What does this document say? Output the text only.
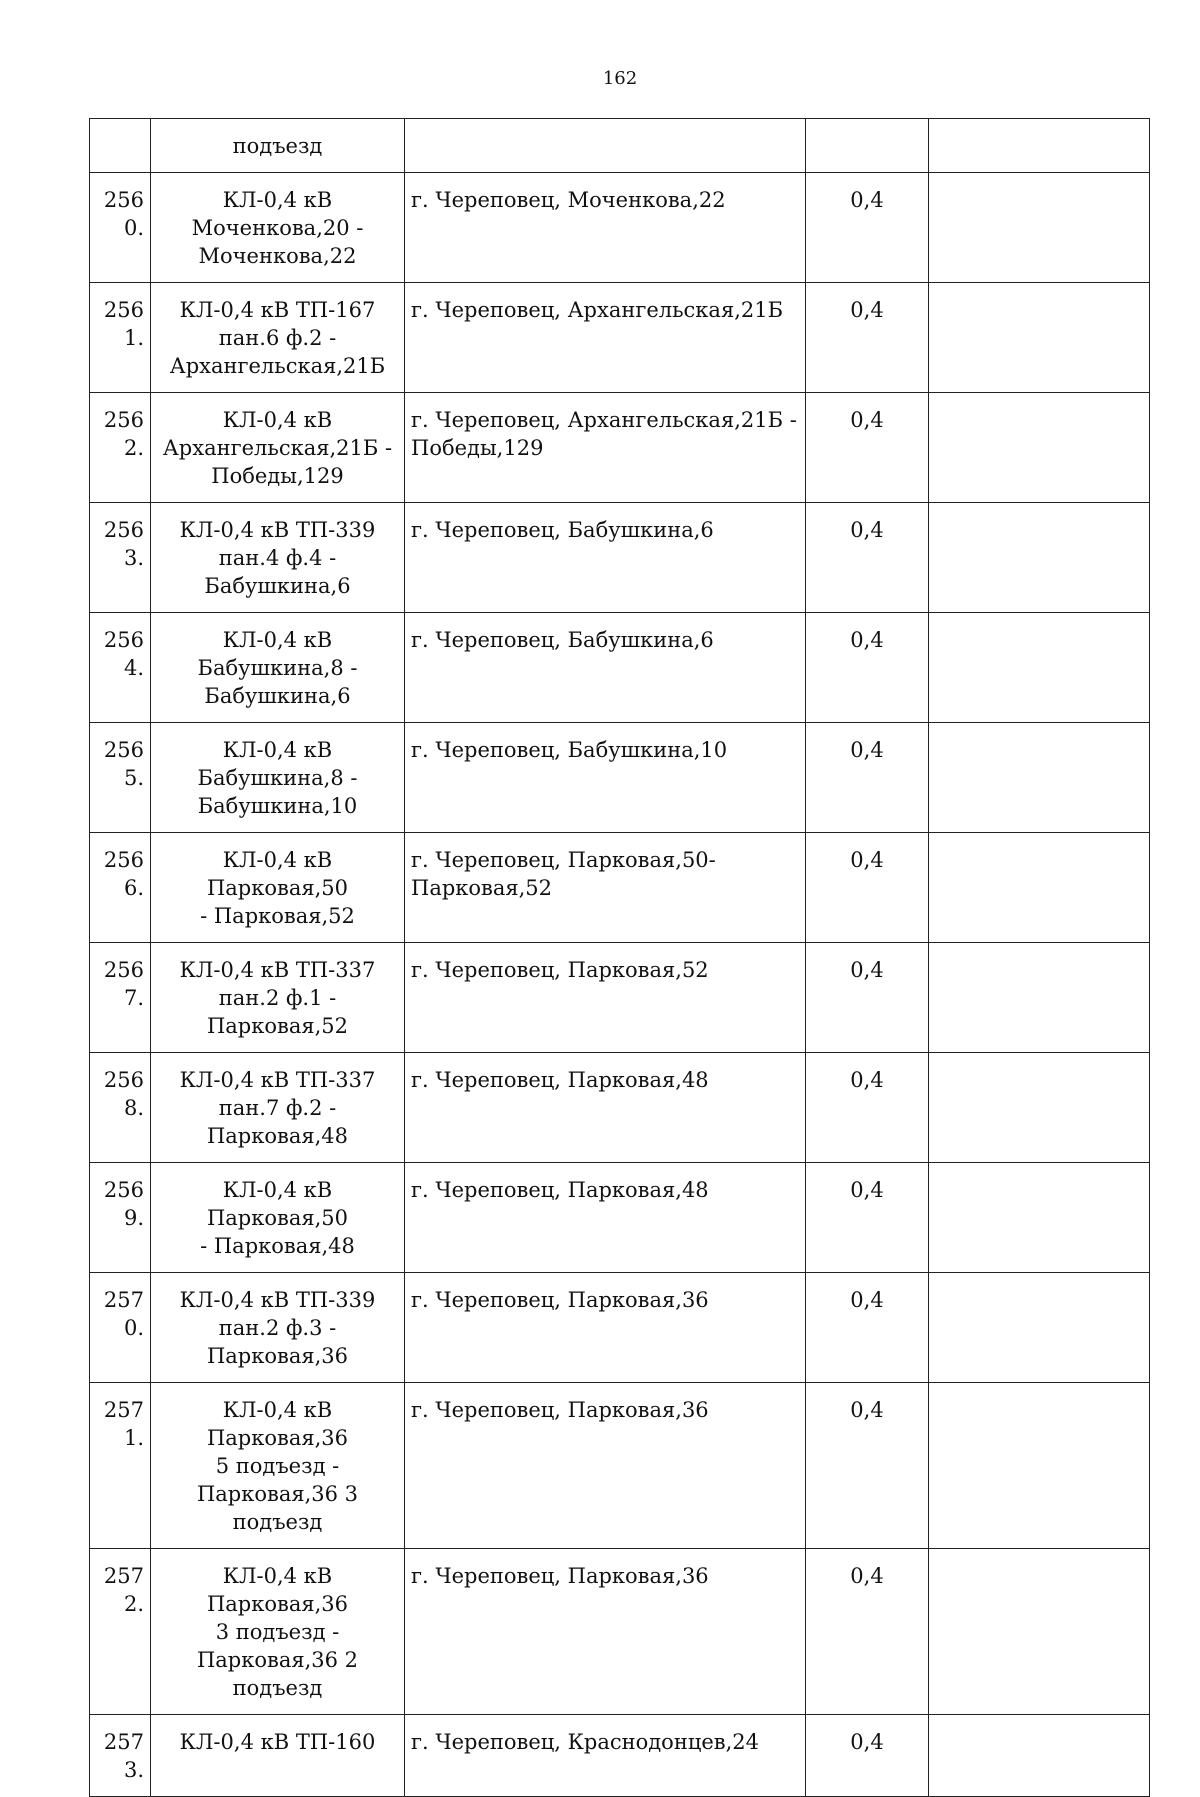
162

	подъезд			

2560.	КЛ-0,4 кВ
Моченкова,20 -
Моченкова,22	г. Череповец, Моченкова,22	0,4	
2561.	КЛ-0,4 кВ ТП-167
пан.6 ф.2 -
Архангельская,21Б	г. Череповец, Архангельская,21Б	0,4	
2562.	КЛ-0,4 кВ
Архангельская,21Б -
Победы,129	г. Череповец, Архангельская,21Б - Победы,129	0,4	
2563.	КЛ-0,4 кВ ТП-339
пан.4 ф.4 -
Бабушкина,6	г. Череповец, Бабушкина,6	0,4	
2564.	КЛ-0,4 кВ
Бабушкина,8 -
Бабушкина,6	г. Череповец, Бабушкина,6	0,4	
2565.	КЛ-0,4 кВ
Бабушкина,8 -
Бабушкина,10	г. Череповец, Бабушкина,10	0,4	
2566.	КЛ-0,4 кВ Парковая,50
- Парковая,52	г. Череповец, Парковая,50- Парковая,52	0,4	
2567.	КЛ-0,4 кВ ТП-337
пан.2 ф.1 -
Парковая,52	г. Череповец, Парковая,52	0,4	
2568.	КЛ-0,4 кВ ТП-337
пан.7 ф.2 -
Парковая,48	г. Череповец, Парковая,48	0,4	
2569.	КЛ-0,4 кВ Парковая,50
- Парковая,48	г. Череповец, Парковая,48	0,4	
2570.	КЛ-0,4 кВ ТП-339
пан.2 ф.3 -
Парковая,36	г. Череповец, Парковая,36	0,4	
2571.	КЛ-0,4 кВ Парковая,36
5 подъезд -
Парковая,36 3 подъезд	г. Череповец, Парковая,36	0,4	
2572.	КЛ-0,4 кВ Парковая,36
3 подъезд -
Парковая,36 2
подъезд	г. Череповец, Парковая,36	0,4	
2573.	КЛ-0,4 кВ ТП-160	г. Череповец, Краснодонцев,24	0,4	
